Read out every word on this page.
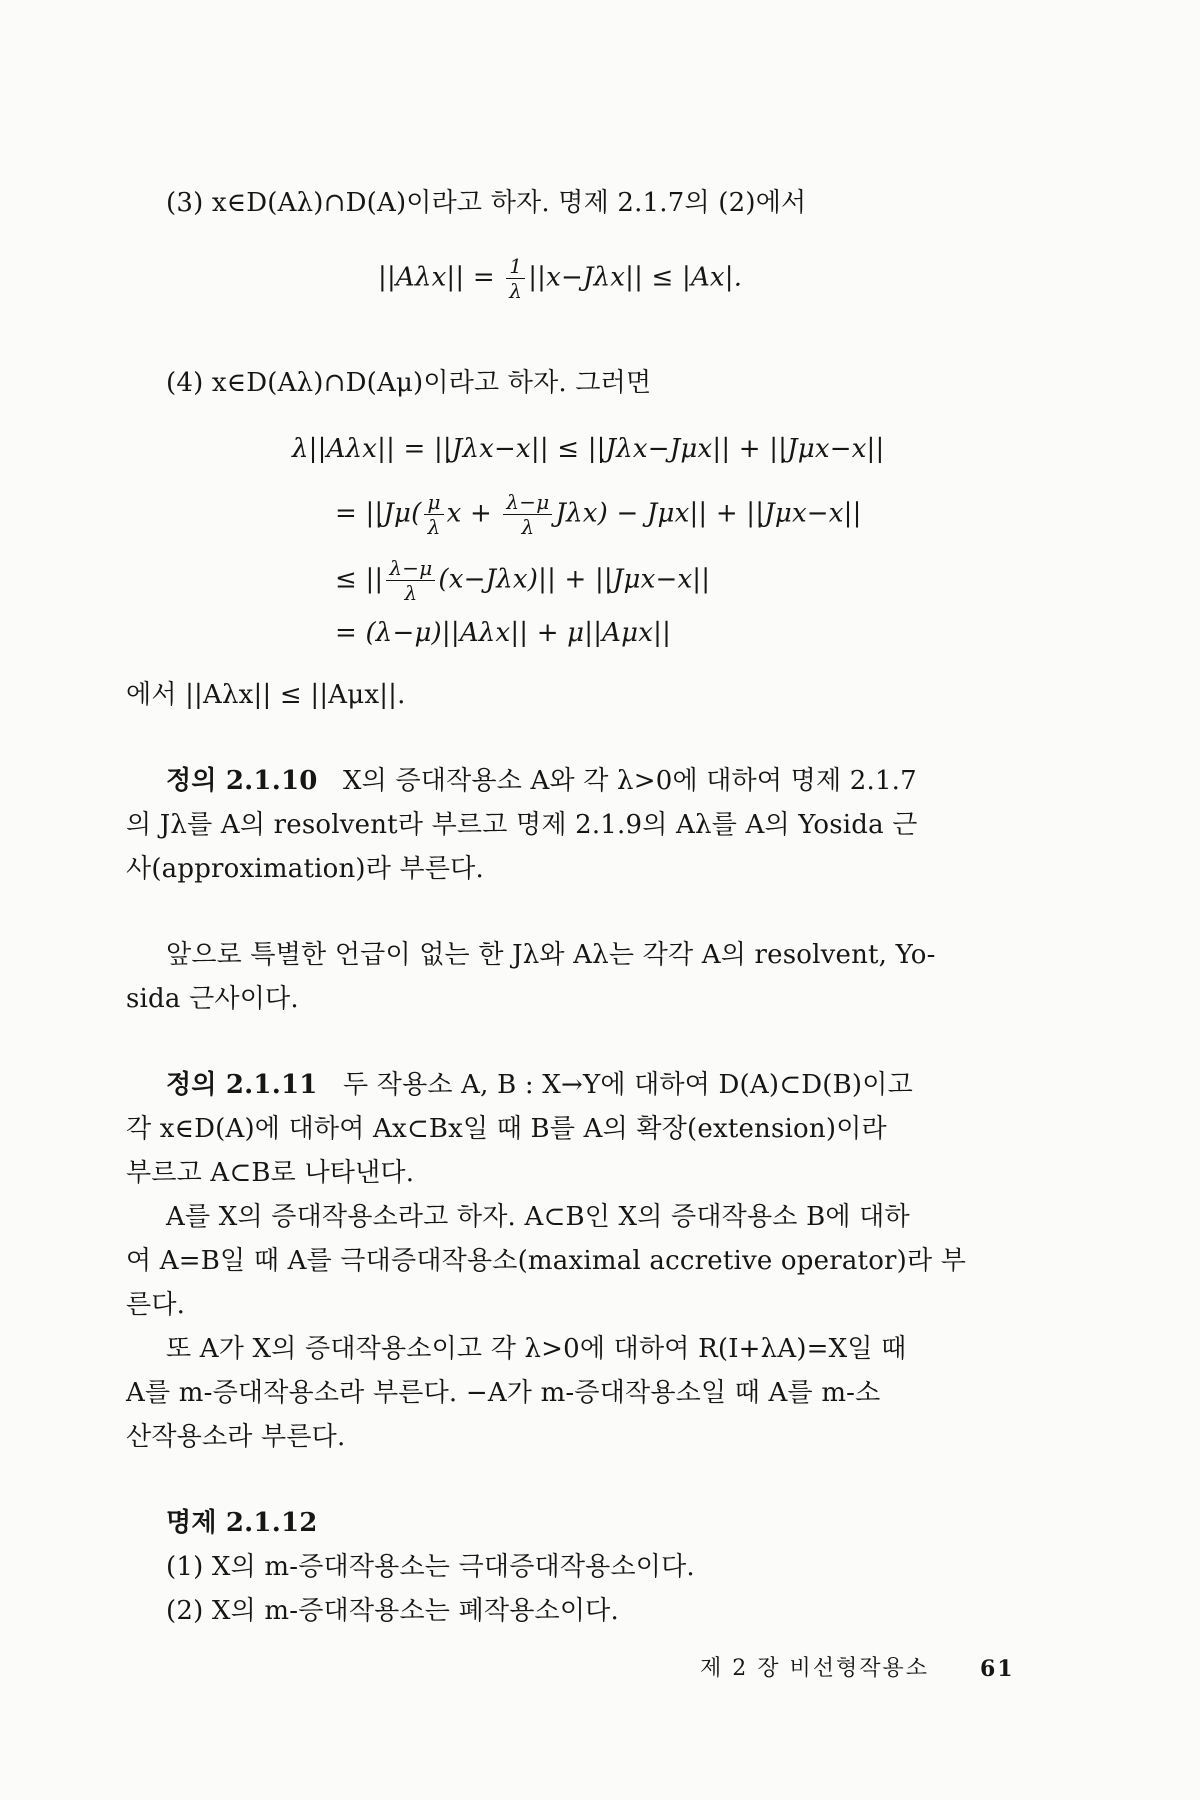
(3) x∈D(Aλ)∩D(A)이라고 하자. 명제 2.1.7의 (2)에서
$||A\lambda x|| = \frac{1}{\lambda} ||x-J\lambda x|| \le |Ax|$.
(4) x∈D(Aλ)∩D(Aμ)이라고 하자. 그러면
λ||Aλx|| = ||Jλx−x|| ≤ ||Jλx−Jμx|| + ||Jμx−x||
= $||J\mu( \frac{\mu}{\lambda}$ $x + \frac{\lambda-\mu}{\lambda} J\lambda x) - J\mu x|| + ||J\mu x-x||$
≤ || $\frac{\lambda-\mu}{\lambda} (x-J\lambda x)|| + ||J\mu x-x||$
= (λ−μ)||Aλx|| + μ||Aμx||
에서 ||Aλx|| ≤ ||Aμx||.
정의 2.1.10 X의 증대작용소 A와 각 λ>0에 대하여 명제 2.1.7
의 Jλ를 A의 resolvent라 부르고 명제 2.1.9의 Aλ를 A의 Yosida 근
사(approximation)라 부른다.
앞으로 특별한 언급이 없는 한 Jλ와 Aλ는 각각 A의 resolvent, Yo-
sida 근사이다.
정의 2.1.11 두 작용소 A, B : X→Y에 대하여 D(A)⊂D(B)이고
각 x∈D(A)에 대하여 Ax⊂Bx일 때 B를 A의 확장(extension)이라
부르고 A⊂B로 나타낸다.
A를 X의 증대작용소라고 하자. A⊂B인 X의 증대작용소 B에 대하
여 A=B일 때 A를 극대증대작용소(maximal accretive operator)라 부
른다.
또 A가 X의 증대작용소이고 각 λ>0에 대하여 R(I+λA)=X일 때
A를 m-증대작용소라 부른다. −A가 m-증대작용소일 때 A를 m-소
산작용소라 부른다.
명제 2.1.12
(1) X의 m-증대작용소는 극대증대작용소이다.
(2) X의 m-증대작용소는 폐작용소이다.
제 2 장 비선형작용소 61
